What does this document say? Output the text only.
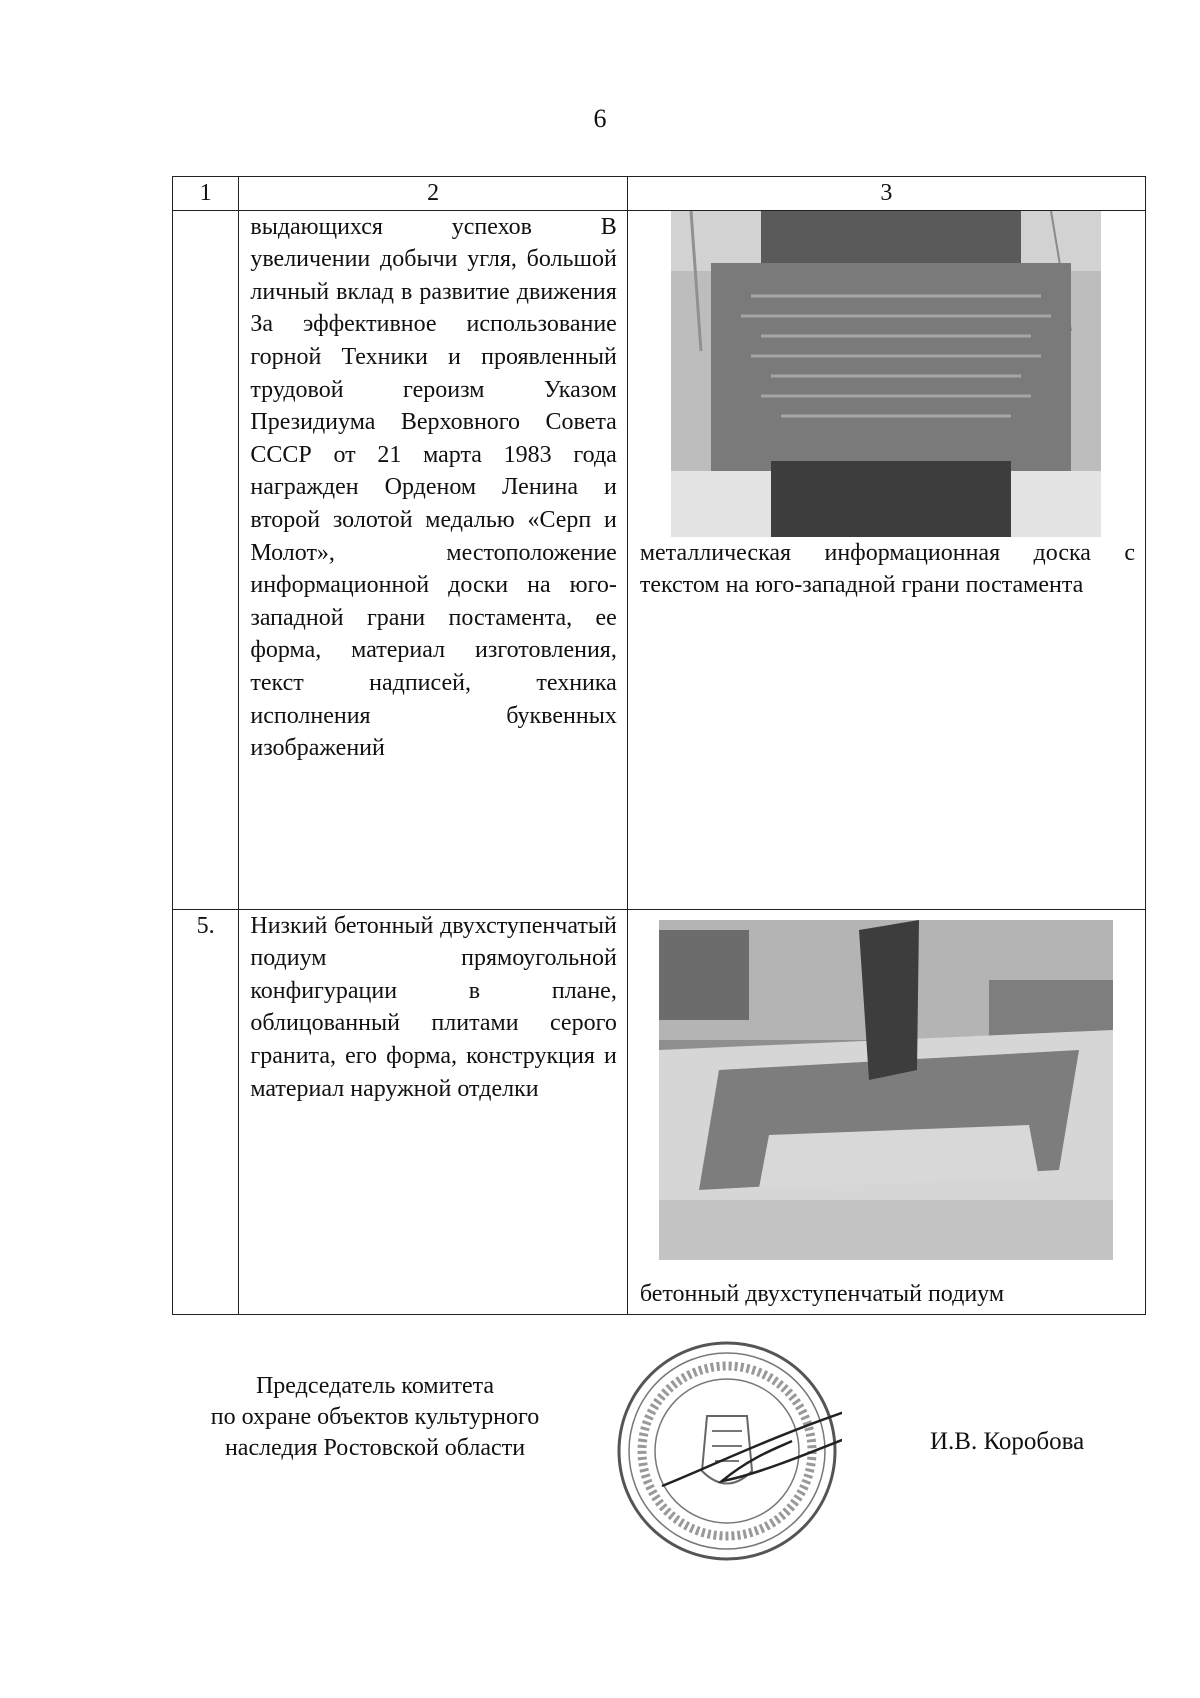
6
1	2	3

	выдающихся успехов В увеличении добычи угля, большой личный вклад в развитие движения За эффективное использование горной Техники и проявленный трудовой героизм Указом Президиума Верховного Совета СССР от 21 марта 1983 года награжден Орденом Ленина и второй золотой медалью «Серп и Молот», местоположение информационной доски на юго-западной грани постамента, ее форма, материал изготовления, текст надписей, техника исполнения буквенных изображений	металлическая информационная доска с текстом на юго-западной грани постамента

5.	Низкий бетонный двухступенчатый подиум прямоугольной конфигурации в плане, облицованный плитами серого гранита, его форма, конструкция и материал наружной отделки	бетонный двухступенчатый подиум
Председатель комитета
по охране объектов культурного
наследия Ростовской области	И.В. Коробова
